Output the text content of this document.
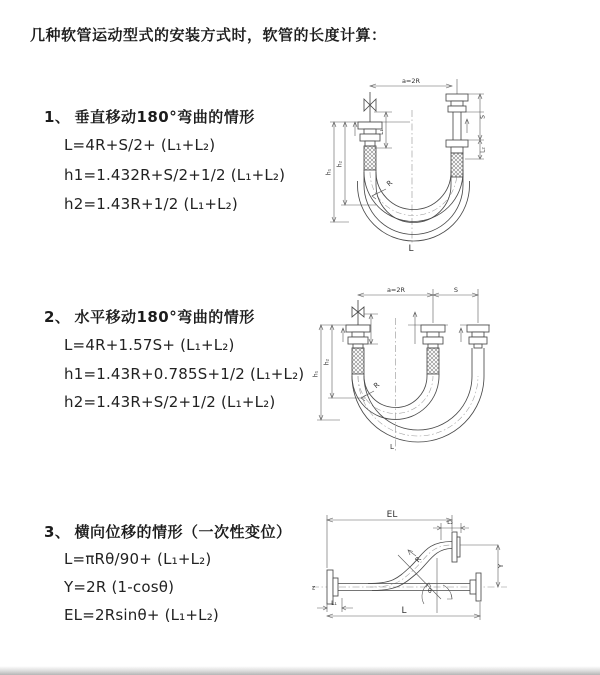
几种软管运动型式的安装方式时，软管的长度计算：
1、 垂直移动180°弯曲的情形
L=4R+S/2+ (L₁+L₂)
h1=1.432R+S/2+1/2 (L₁+L₂)
h2=1.43R+1/2 (L₁+L₂)
2、 水平移动180°弯曲的情形
L=4R+1.57S+ (L₁+L₂)
h1=1.43R+0.785S+1/2 (L₁+L₂)
h2=1.43R+S/2+1/2 (L₁+L₂)
3、 横向位移的情形（一次性变位）
L=πRθ/90+ (L₁+L₂)
Y=2R (1-cosθ)
EL=2Rsinθ+ (L₁+L₂)
a=2R
L₁
S
L₂
h₁
h₂
R
L
a=2R	S
h₁
h₂
R
L
EL
L₂
Y
z	θ
R
L₁
L
